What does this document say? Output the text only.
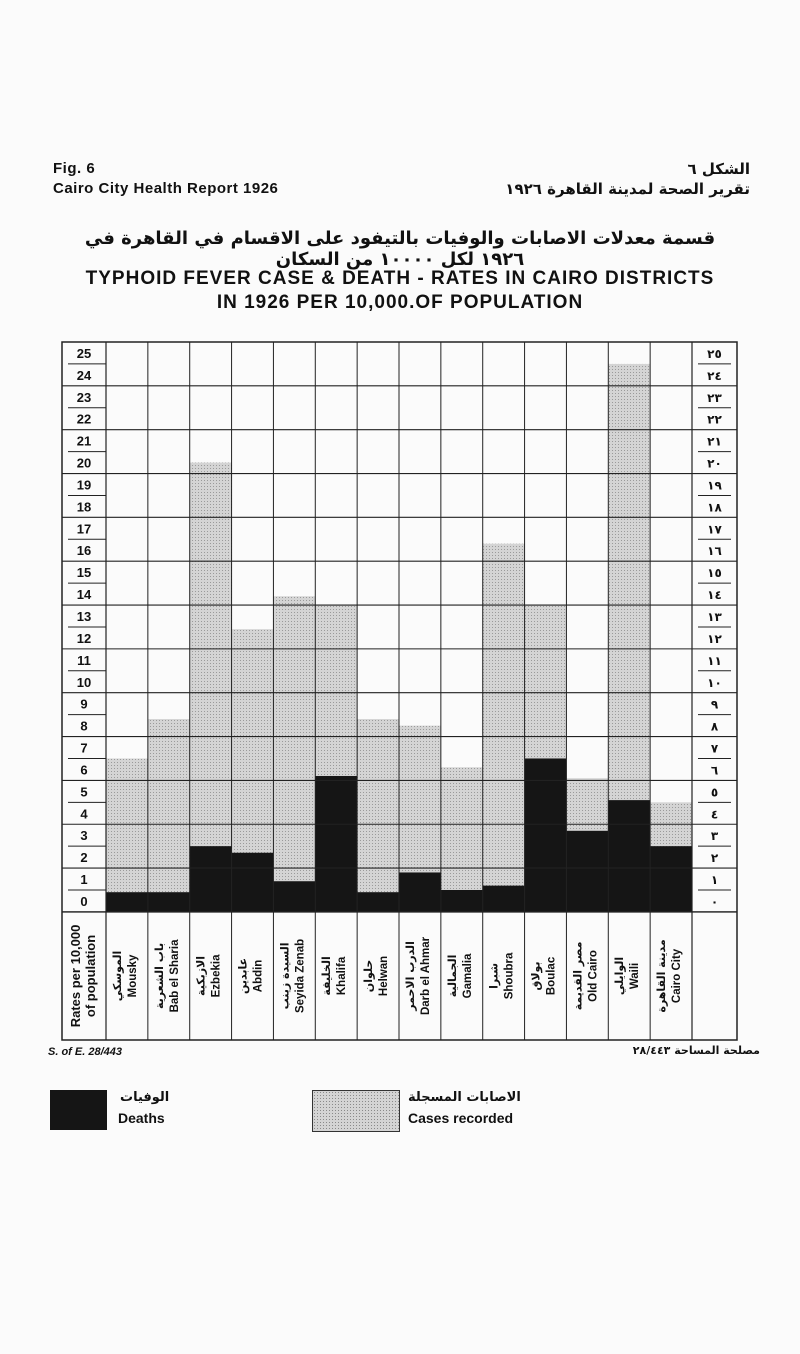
Fig. 6
Cairo City Health Report 1926
الشكل ٦
تقرير الصحة لمدينة القاهرة ١٩٢٦
قسمة معدلات الاصابات والوفيات بالتيفود على الاقسام في القاهرة في ١٩٢٦ لكل ١٠٠٠٠ من السكان
TYPHOID FEVER CASE & DEATH - RATES IN CAIRO DISTRICTS
IN 1926 PER 10,000.OF POPULATION
25
24
23
22
21
20
19
18
17
16
15
14
13
12
11
10
9
8
7
6
5
4
3
2
1
0
٢٥
٢٤
٢٣
٢٢
٢١
٢٠
١٩
١٨
١٧
١٦
١٥
١٤
١٣
١٢
١١
١٠
٩
٨
٧
٦
٥
٤
٣
٢
١
٠
Rates per 10,000of population	Mousky
الموسكي	Bab el Sharia
باب الشعرية	Ezbekia
الازبكية	Abdin
عابدين	Seyida Zenab
السيدة زينب	Khalifa
الخليفة	Helwan
حلوان	Darb el Ahmar
الدرب الاحمر	Gamalia
الجمالية	Shoubra
شبرا	Boulac
بولاق	Old Cairo
مصر القديمة	Waili
الوايلي	Cairo City
مدينة القاهرة
S. of E. 28/443	مصلحة المساحة ٢٨/٤٤٣
الوفيات
Deaths
الاصابات المسجلة
Cases recorded
